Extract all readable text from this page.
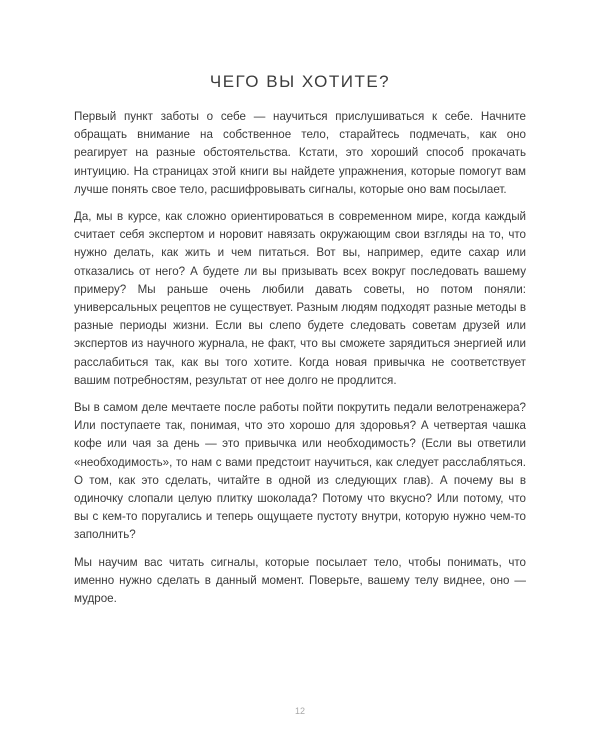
ЧЕГО ВЫ ХОТИТЕ?

Первый пункт заботы о себе — научиться прислушиваться к себе. Начните обращать внимание на собственное тело, старайтесь подмечать, как оно реагирует на разные обстоятельства. Кстати, это хороший способ прокачать интуицию. На страницах этой книги вы найдете упражнения, которые помогут вам лучше понять свое тело, расшифровывать сигналы, которые оно вам посылает.

Да, мы в курсе, как сложно ориентироваться в современном мире, когда каждый считает себя экспертом и норовит навязать окружающим свои взгляды на то, что нужно делать, как жить и чем питаться. Вот вы, например, едите сахар или отказались от него? А будете ли вы призывать всех вокруг последовать вашему примеру? Мы раньше очень любили давать советы, но потом поняли: универсальных рецептов не существует. Разным людям подходят разные методы в разные периоды жизни. Если вы слепо будете следовать советам друзей или экспертов из научного журнала, не факт, что вы сможете зарядиться энергией или расслабиться так, как вы того хотите. Когда новая привычка не соответствует вашим потребностям, результат от нее долго не продлится.

Вы в самом деле мечтаете после работы пойти покрутить педали велотренажера? Или поступаете так, понимая, что это хорошо для здоровья? А четвертая чашка кофе или чая за день — это привычка или необходимость? (Если вы ответили «необходимость», то нам с вами предстоит научиться, как следует расслабляться. О том, как это сделать, читайте в одной из следующих глав). А почему вы в одиночку слопали целую плитку шоколада? Потому что вкусно? Или потому, что вы с кем-то поругались и теперь ощущаете пустоту внутри, которую нужно чем-то заполнить?

Мы научим вас читать сигналы, которые посылает тело, чтобы понимать, что именно нужно сделать в данный момент. Поверьте, вашему телу виднее, оно — мудрое.

12
